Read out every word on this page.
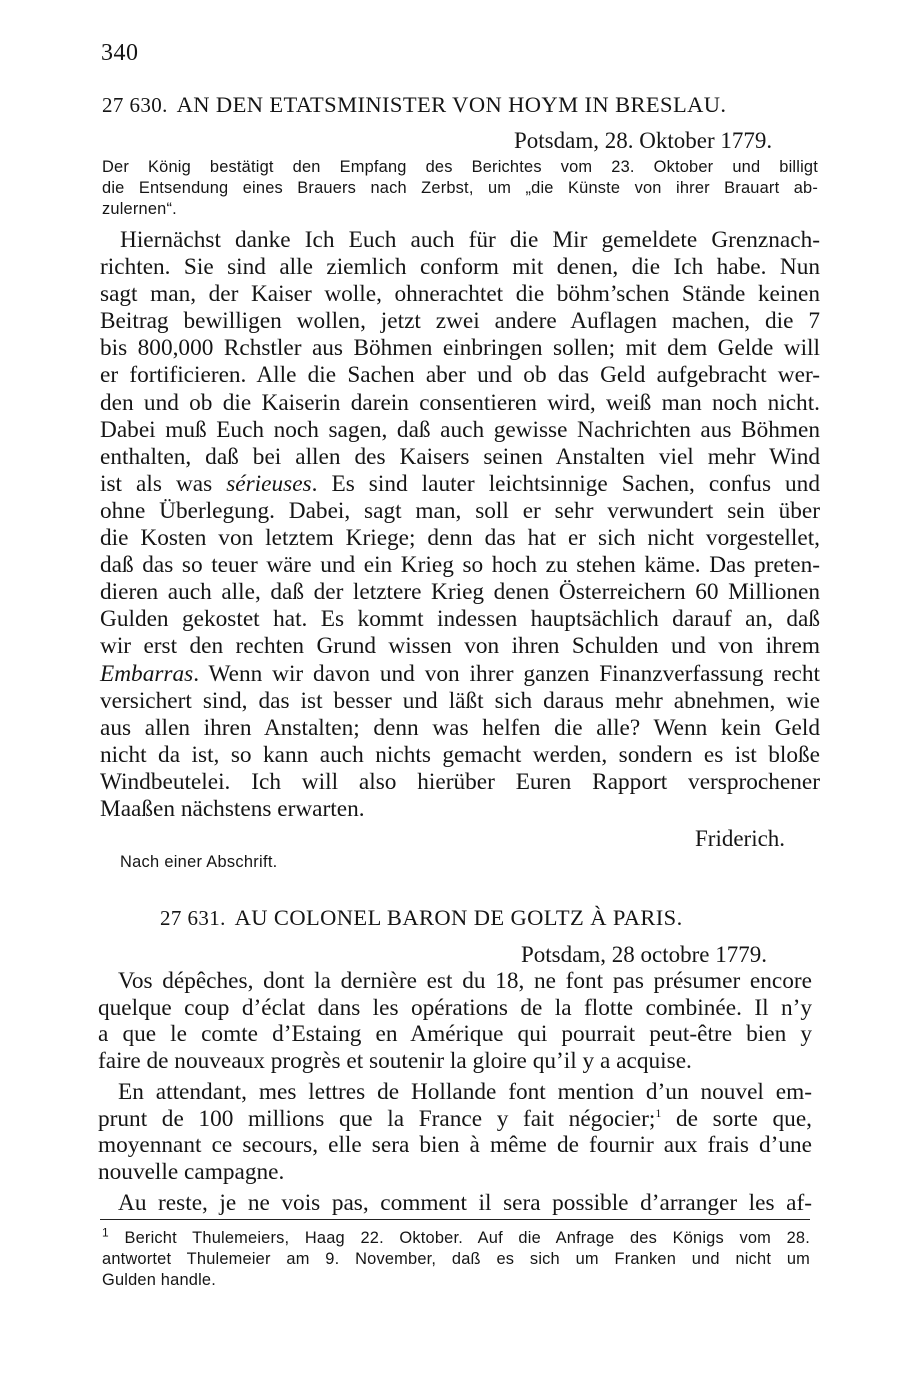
340
27 630. AN DEN ETATSMINISTER VON HOYM IN BRESLAU.
Potsdam, 28. Oktober 1779.
Der König bestätigt den Empfang des Berichtes vom 23. Oktober und billigt
die Entsendung eines Brauers nach Zerbst, um „die Künste von ihrer Brauart ab-
zulernen“.
Hiernächst danke Ich Euch auch für die Mir gemeldete Grenznach-
richten. Sie sind alle ziemlich conform mit denen, die Ich habe. Nun
sagt man, der Kaiser wolle, ohnerachtet die böhm’schen Stände keinen
Beitrag bewilligen wollen, jetzt zwei andere Auflagen machen, die 7
bis 800,000 Rchstler aus Böhmen einbringen sollen; mit dem Gelde will
er fortificieren. Alle die Sachen aber und ob das Geld aufgebracht wer-
den und ob die Kaiserin darein consentieren wird, weiß man noch nicht.
Dabei muß Euch noch sagen, daß auch gewisse Nachrichten aus Böhmen
enthalten, daß bei allen des Kaisers seinen Anstalten viel mehr Wind
ist als was sérieuses. Es sind lauter leichtsinnige Sachen, confus und
ohne Überlegung. Dabei, sagt man, soll er sehr verwundert sein über
die Kosten von letztem Kriege; denn das hat er sich nicht vorgestellet,
daß das so teuer wäre und ein Krieg so hoch zu stehen käme. Das preten-
dieren auch alle, daß der letztere Krieg denen Österreichern 60 Millionen
Gulden gekostet hat. Es kommt indessen hauptsächlich darauf an, daß
wir erst den rechten Grund wissen von ihren Schulden und von ihrem
Embarras. Wenn wir davon und von ihrer ganzen Finanzverfassung recht
versichert sind, das ist besser und läßt sich daraus mehr abnehmen, wie
aus allen ihren Anstalten; denn was helfen die alle? Wenn kein Geld
nicht da ist, so kann auch nichts gemacht werden, sondern es ist bloße
Windbeutelei. Ich will also hierüber Euren Rapport versprochener
Maaßen nächstens erwarten.
Friderich.
Nach einer Abschrift.
27 631. AU COLONEL BARON DE GOLTZ À PARIS.
Potsdam, 28 octobre 1779.
Vos dépêches, dont la dernière est du 18, ne font pas présumer encore
quelque coup d’éclat dans les opérations de la flotte combinée. Il n’y
a que le comte d’Estaing en Amérique qui pourrait peut-être bien y
faire de nouveaux progrès et soutenir la gloire qu’il y a acquise.
En attendant, mes lettres de Hollande font mention d’un nouvel em-
prunt de 100 millions que la France y fait négocier;$^1$ de sorte que,
moyennant ce secours, elle sera bien à même de fournir aux frais d’une
nouvelle campagne.
Au reste, je ne vois pas, comment il sera possible d’arranger les af-
$^1$ Bericht Thulemeiers, Haag 22. Oktober. Auf die Anfrage des Königs vom 28.
antwortet Thulemeier am 9. November, daß es sich um Franken und nicht um
Gulden handle.
